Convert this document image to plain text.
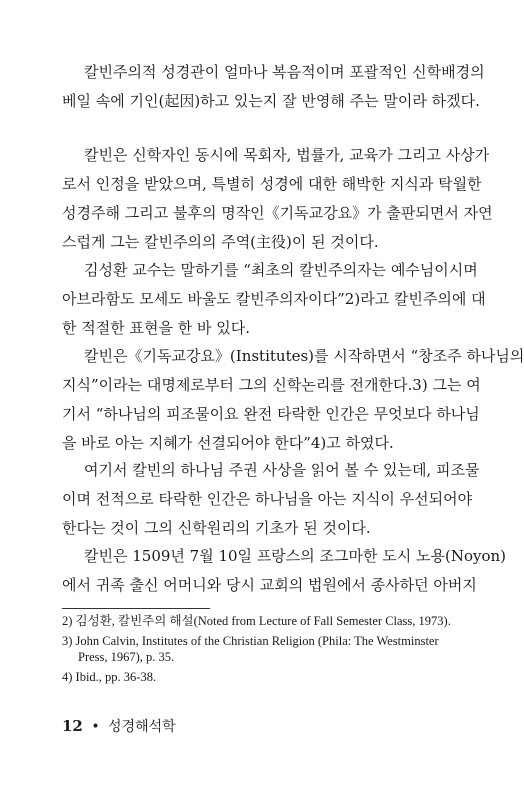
칼빈주의적 성경관이 얼마나 복음적이며 포괄적인 신학배경의
베일 속에 기인(起因)하고 있는지 잘 반영해 주는 말이라 하겠다.
칼빈은 신학자인 동시에 목회자, 법률가, 교육가 그리고 사상가
로서 인정을 받았으며, 특별히 성경에 대한 해박한 지식과 탁월한
성경주해 그리고 불후의 명작인《기독교강요》가 출판되면서 자연
스럽게 그는 칼빈주의의 주역(主役)이 된 것이다.
김성환 교수는 말하기를 “최초의 칼빈주의자는 예수님이시며
아브라함도 모세도 바울도 칼빈주의자이다”2)라고 칼빈주의에 대
한 적절한 표현을 한 바 있다.
칼빈은《기독교강요》(Institutes)를 시작하면서 “창조주 하나님의
지식”이라는 대명제로부터 그의 신학논리를 전개한다.3) 그는 여
기서 “하나님의 피조물이요 완전 타락한 인간은 무엇보다 하나님
을 바로 아는 지혜가 선결되어야 한다”4)고 하였다.
여기서 칼빈의 하나님 주권 사상을 읽어 볼 수 있는데, 피조물
이며 전적으로 타락한 인간은 하나님을 아는 지식이 우선되어야
한다는 것이 그의 신학원리의 기초가 된 것이다.
칼빈은 1509년 7월 10일 프랑스의 조그마한 도시 노용(Noyon)
에서 귀족 출신 어머니와 당시 교회의 법원에서 종사하던 아버지
2) 김성환, 칼빈주의 해설(Noted from Lecture of Fall Semester Class, 1973).
3) John Calvin, Institutes of the Christian Religion (Phila: The Westminster
Press, 1967), p. 35.
4) Ibid., pp. 36-38.
12 • 성경해석학
